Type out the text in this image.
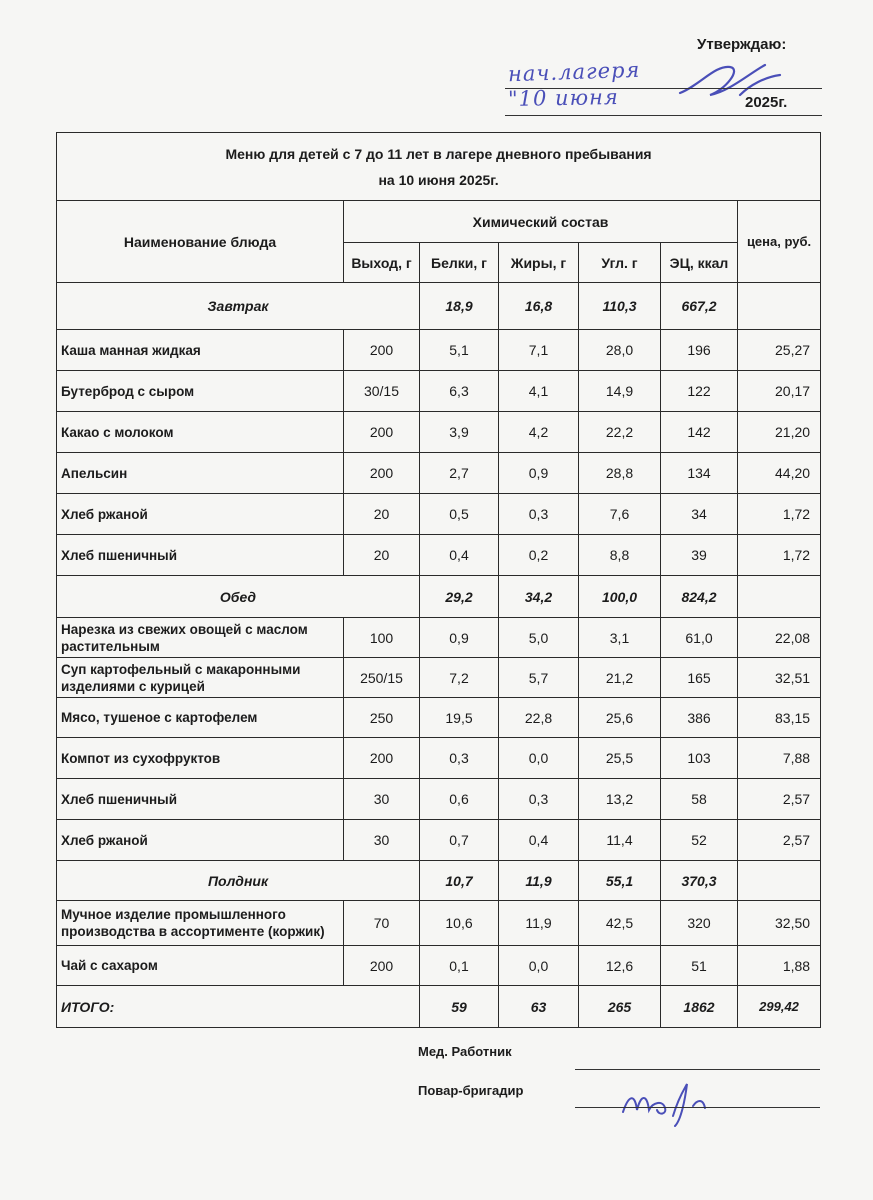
Утверждаю:
нач.лагеря
"10 июня	2025г.
Меню для детей с 7 до 11 лет в лагере дневного пребывания
на 10 июня 2025г.						

Наименование блюда	Химический состав					цена, руб.
	Выход, г	Белки, г	Жиры, г	Угл. г	ЭЦ, ккал	
Завтрак		18,9	16,8	110,3	667,2	
Каша манная жидкая	200	5,1	7,1	28,0	196	25,27
Бутерброд с сыром	30/15	6,3	4,1	14,9	122	20,17
Какао с молоком	200	3,9	4,2	22,2	142	21,20
Апельсин	200	2,7	0,9	28,8	134	44,20
Хлеб ржаной	20	0,5	0,3	7,6	34	1,72
Хлеб пшеничный	20	0,4	0,2	8,8	39	1,72
Обед		29,2	34,2	100,0	824,2	
Нарезка из свежих овощей с маслом растительным	100	0,9	5,0	3,1	61,0	22,08
Суп картофельный с макаронными изделиями с курицей	250/15	7,2	5,7	21,2	165	32,51
Мясо, тушеное с картофелем	250	19,5	22,8	25,6	386	83,15
Компот из сухофруктов	200	0,3	0,0	25,5	103	7,88
Хлеб пшеничный	30	0,6	0,3	13,2	58	2,57
Хлеб ржаной	30	0,7	0,4	11,4	52	2,57
Полдник		10,7	11,9	55,1	370,3	
Мучное изделие промышленного производства в ассортименте (коржик)	70	10,6	11,9	42,5	320	32,50
Чай с сахаром	200	0,1	0,0	12,6	51	1,88
ИТОГО:		59	63	265	1862	299,42
Мед. Работник
Повар-бригадир
